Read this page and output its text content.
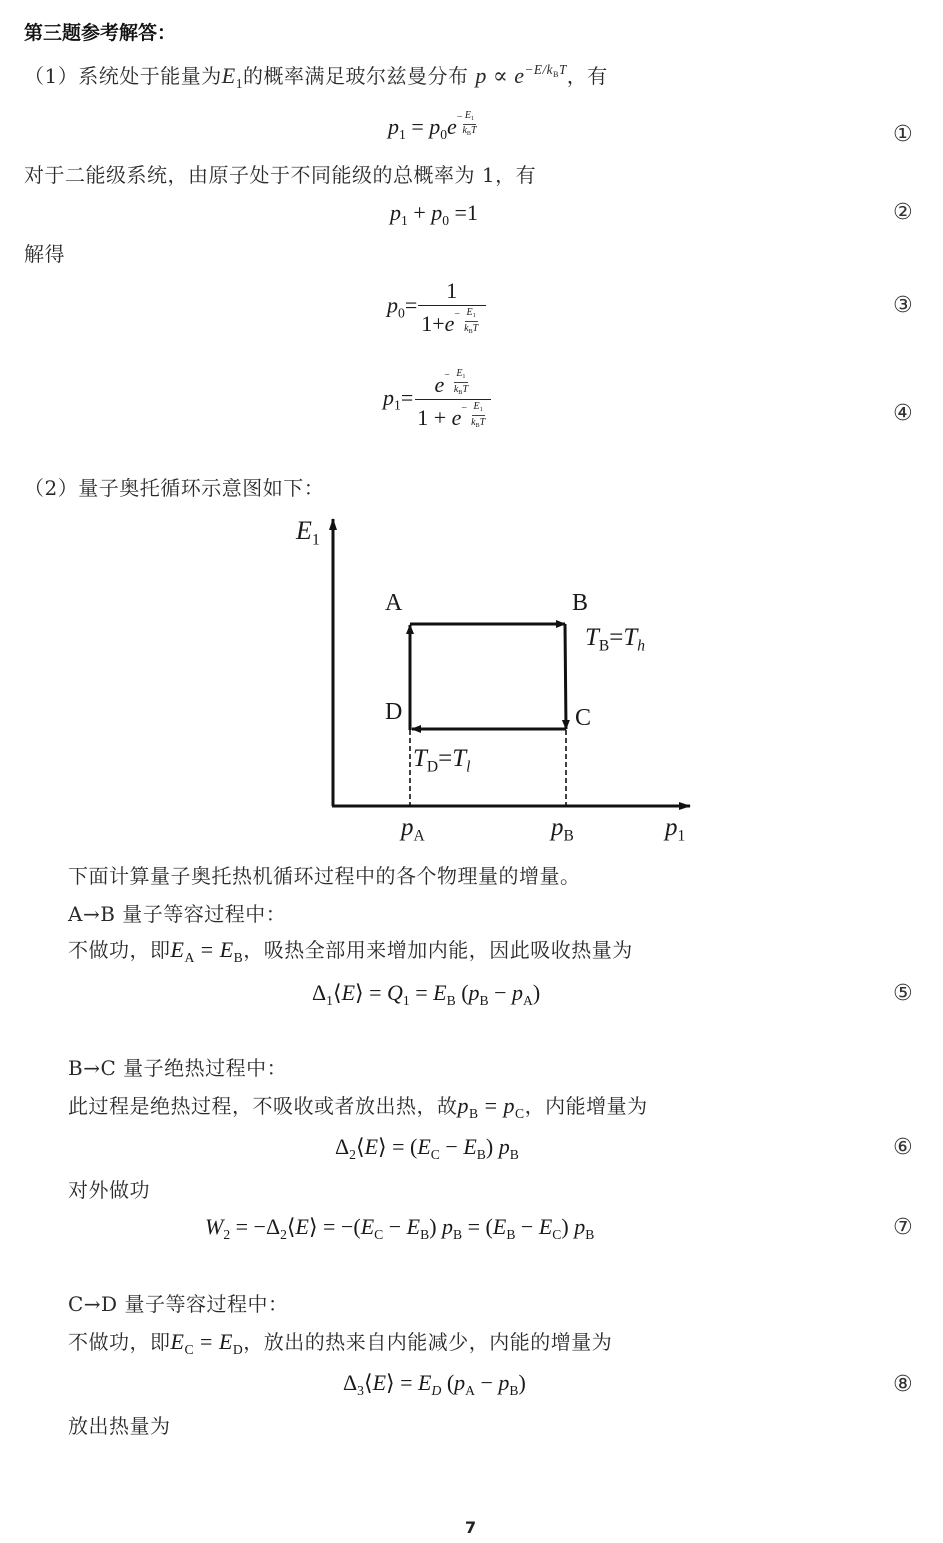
第三题参考解答：
（1）系统处于能量为$E_1$的概率满足玻尔兹曼分布 $p \propto e^{-E/k_BT}$，有
$p_1 = p_0e^- \frac{E_1}{k_BT}$	①
对于二能级系统，由原子处于不同能级的总概率为 1，有
$p_1 + p_0 =1$	②
解得
$p_0= \frac{1}{1+e^- \frac{E_1}{k_BT}}$	③
$p_1= \frac{e^- \frac{E_1}{k_BT}}{1 + e^- \frac{E_1}{k_BT}}$	④
（2）量子奥托循环示意图如下：
$E_1$
A	B
C
D
$T_B=T_h$
$T_D=T_l$
$p_A$	$p_B$	$p_1$
下面计算量子奥托热机循环过程中的各个物理量的增量。
A→B 量子等容过程中：
不做功，即$E_A = E_B$，吸热全部用来增加内能，因此吸收热量为
$\Delta_1⟨E⟩ = Q_1 = E_B$ $(p_B - p_A)$	⑤
B→C 量子绝热过程中：
此过程是绝热过程，不吸收或者放出热，故$p_B = p_C$，内能增量为
$\Delta_2⟨E⟩ = (E_C - E_B)$ $p_B$	⑥
对外做功
$W_2$ = $-\Delta_2⟨E⟩ = -(E_C - E_B) p_B = (E_B - E_C)$ $p_B$	⑦
C→D 量子等容过程中：
不做功，即$E_C = E_D$，放出的热来自内能减少，内能的增量为
$\Delta_3⟨E⟩ = E_D$ $(p_A - p_B)$	⑧
放出热量为
7
